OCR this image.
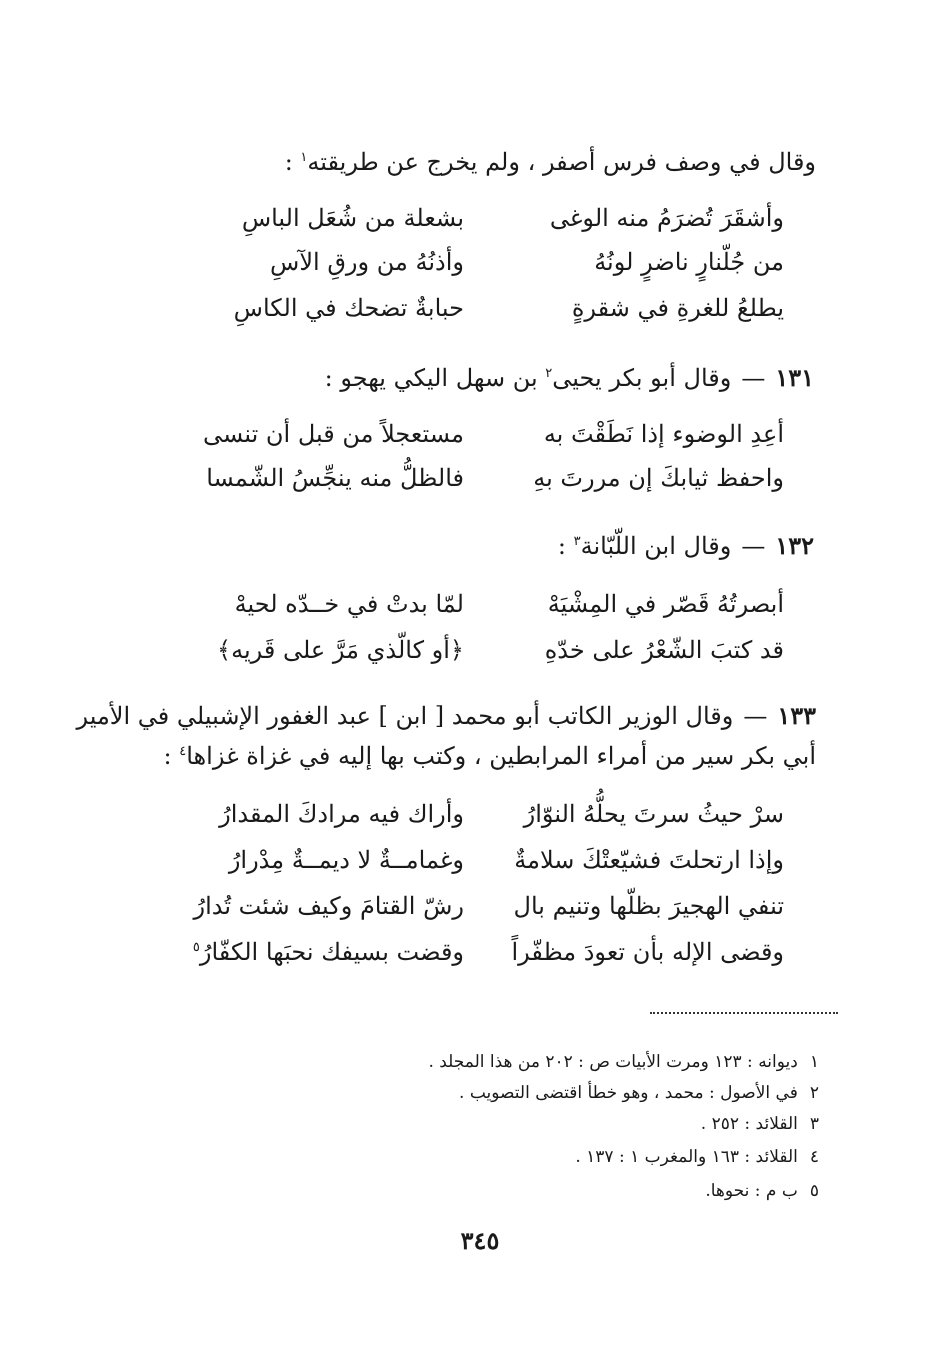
وقال في وصف فرس أصفر ، ولم يخرج عن طريقته$^١$ :
وأشقَرَ تُضرَمُ منه الوغى
بشعلة من شُعَل الباسِ
من جُلّنارٍ ناضرٍ لونُهُ
وأذنُهُ من ورقِ الآسِ
يطلعُ للغرةِ في شقرةٍ
حبابةٌ تضحك في الكاسِ
١٣١—وقال أبو بكر يحيى$^٢$ بن سهل اليكي يهجو :
أعِدِ الوضوء إذا نَطَقْتَ به
مستعجلاً من قبل أن تنسى
واحفظ ثيابكَ إن مررتَ بهِ
فالظلُّ منه ينجِّسُ الشّمسا
١٣٢—وقال ابن اللّبّانة$^٣$ :
أبصرتُهُ قَصّر في المِشْيَهْ
لمّا بدتْ في خــدّه لحيهْ
قد كتبَ الشّعْرُ على خدّهِ
﴿أو كالّذي مَرَّ على قَريه﴾
١٣٣—وقال الوزير الكاتب أبو محمد [ ابن ] عبد الغفور الإشبيلي في الأمير
أبي بكر سير من أمراء المرابطين ، وكتب بها إليه في غزاة غزاها$^٤$ :
سرْ حيثُ سرتَ يحلُّهُ النوّارُ
وأراك فيه مرادكَ المقدارُ
وإذا ارتحلتَ فشيّعتْكَ سلامةٌ
وغمامــةٌ لا ديمــةٌ مِدْرارُ
تنفي الهجيرَ بظلّها وتنيم بال
رشّ القتامَ وكيف شئت تُدارُ
وقضى الإله بأن تعودَ مظفّراً
وقضت بسيفك نحبَها الكفّارُ$^٥$
١ديوانه : ١٢٣ ومرت الأبيات ص : ٢٠٢ من هذا المجلد .
٢في الأصول : محمد ، وهو خطأ اقتضى التصويب .
٣القلائد : ٢٥٢ .
٤القلائد : ١٦٣ والمغرب ١ : ١٣٧ .
٥ب م : نحوها.
٣٤٥
